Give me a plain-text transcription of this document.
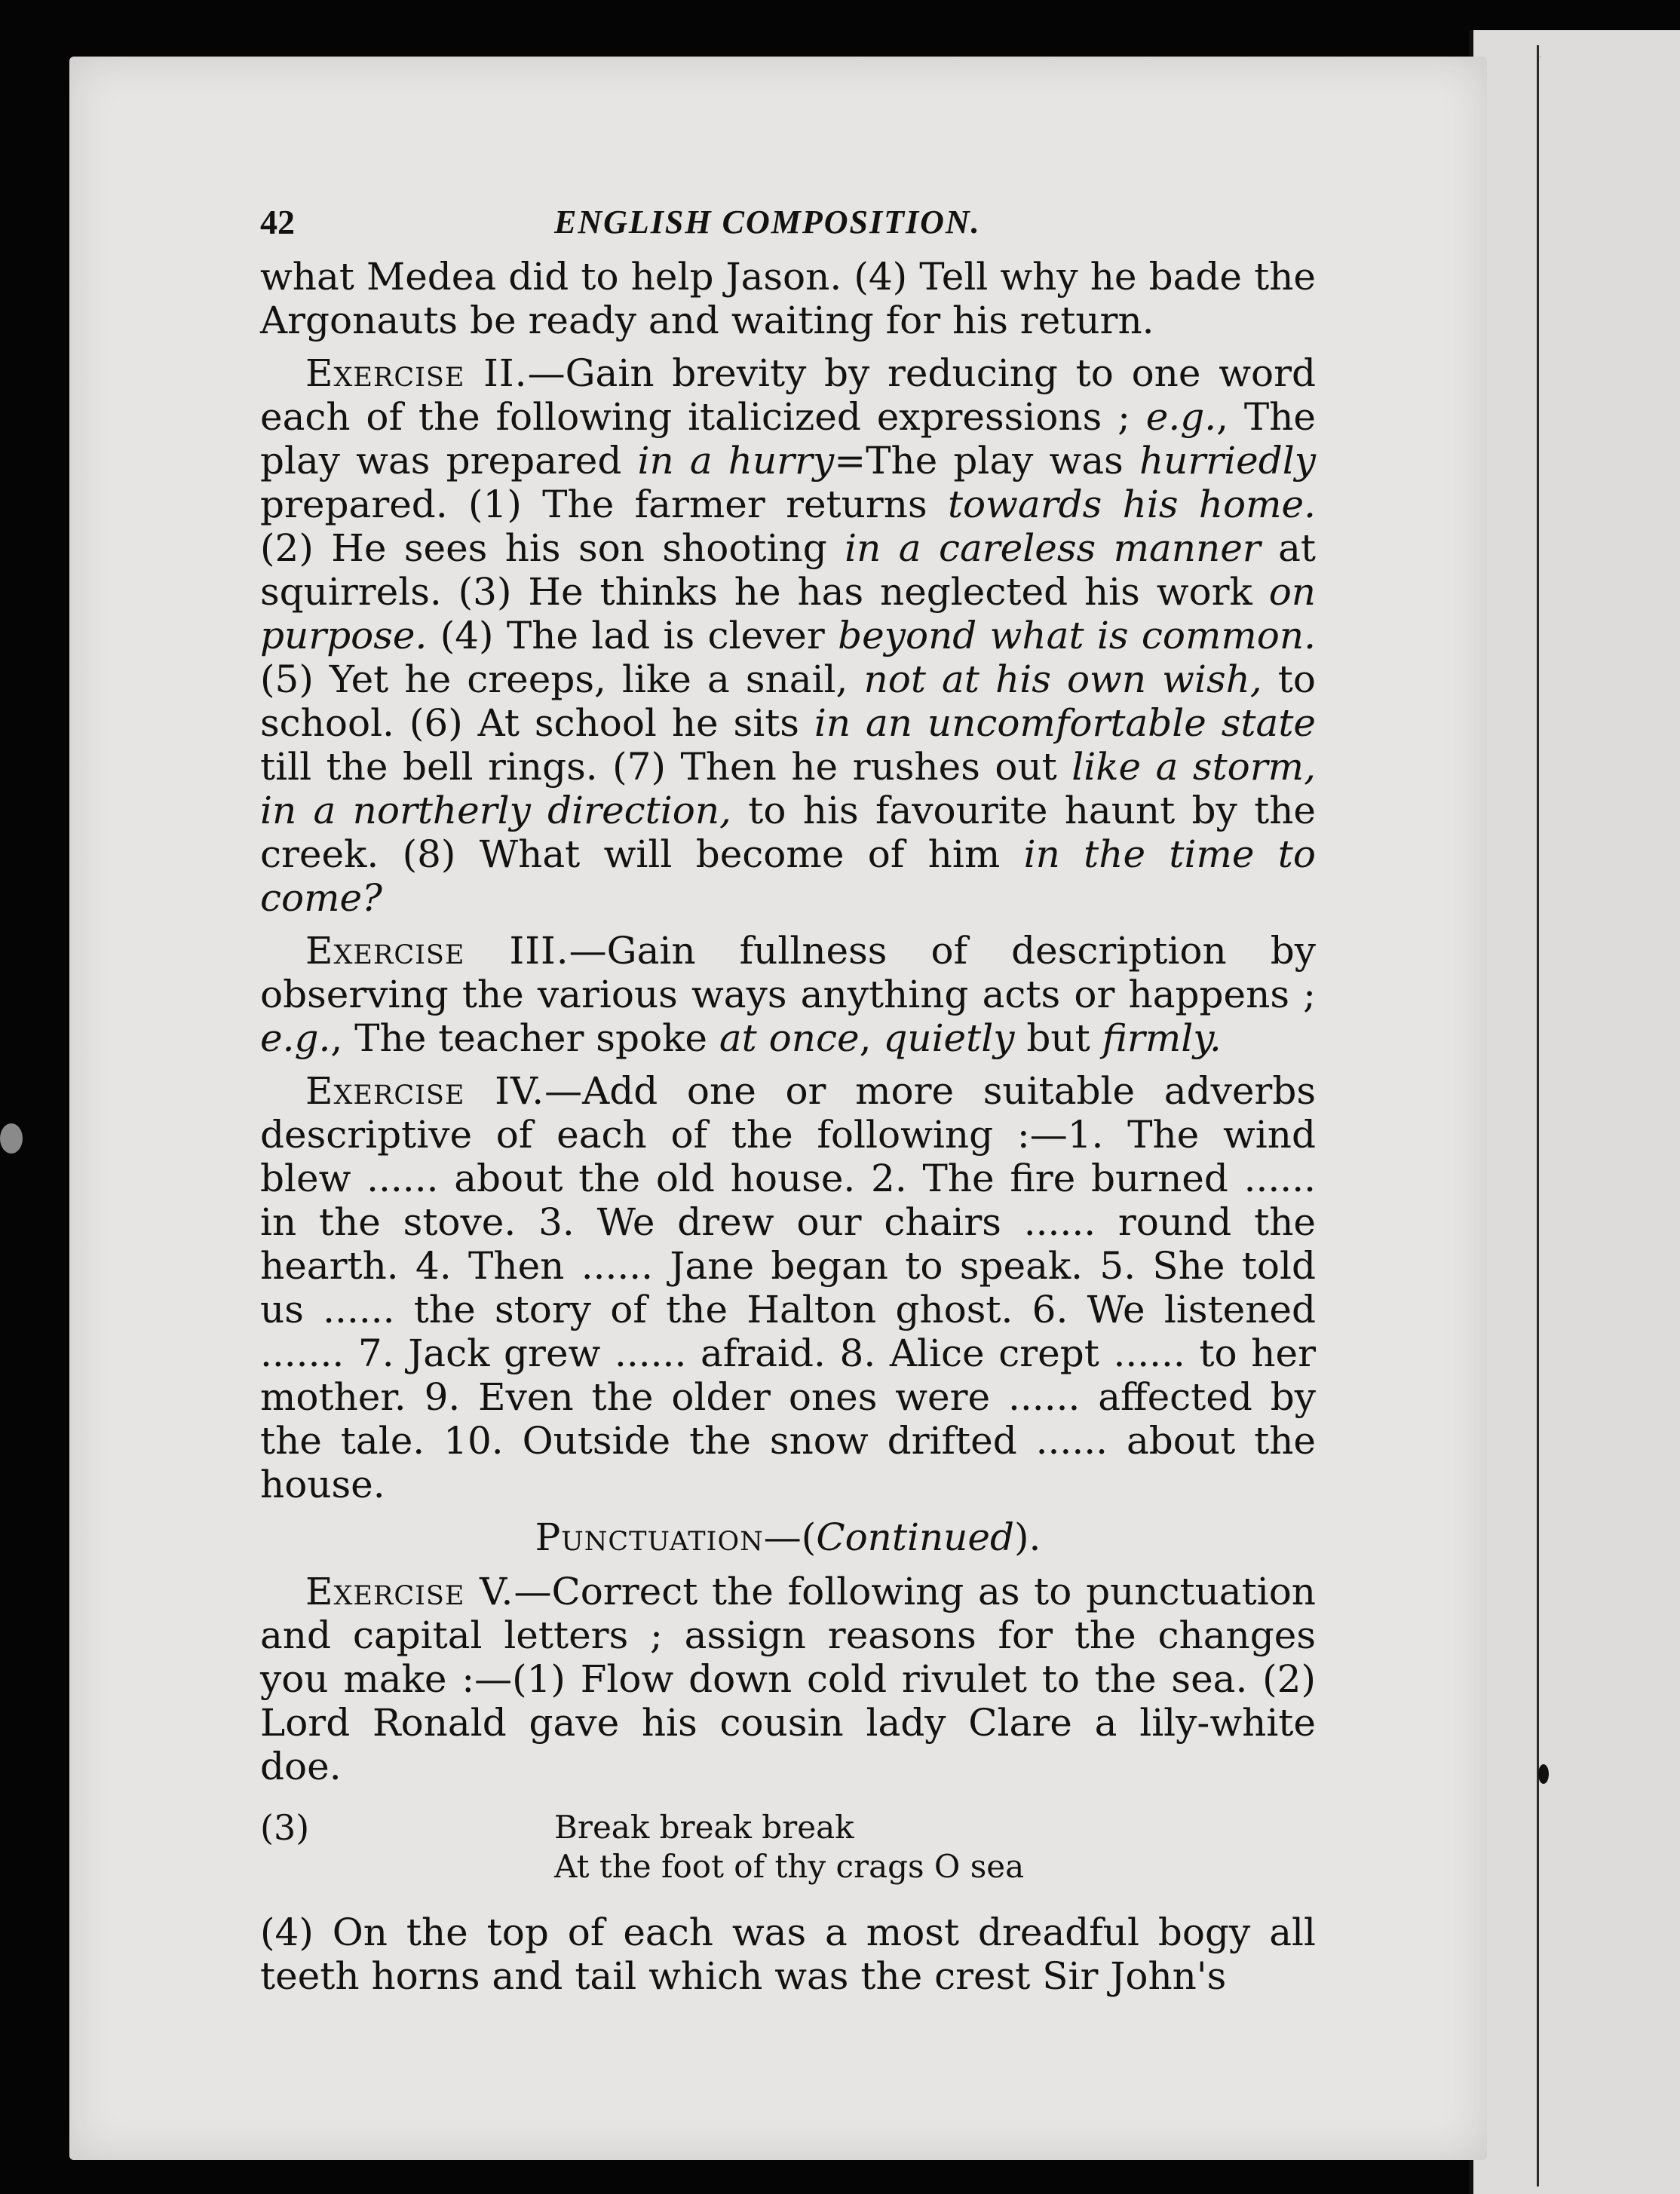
42	ENGLISH COMPOSITION.

what Medea did to help Jason. (4) Tell why he bade the Argonauts be ready and waiting for his return.

Exercise II.—Gain brevity by reducing to one word each of the following italicized expressions ; e.g., The play was prepared in a hurry=The play was hurriedly prepared. (1) The farmer returns towards his home. (2) He sees his son shooting in a careless manner at squirrels. (3) He thinks he has neglected his work on purpose. (4) The lad is clever beyond what is common. (5) Yet he creeps, like a snail, not at his own wish, to school. (6) At school he sits in an uncomfortable state till the bell rings. (7) Then he rushes out like a storm, in a northerly direction, to his favourite haunt by the creek. (8) What will become of him in the time to come?

Exercise III.—Gain fullness of description by observing the various ways anything acts or happens ; e.g., The teacher spoke at once, quietly but firmly.

Exercise IV.—Add one or more suitable adverbs descriptive of each of the following :—1. The wind blew ...... about the old house. 2. The fire burned ...... in the stove. 3. We drew our chairs ...... round the hearth. 4. Then ...... Jane began to speak. 5. She told us ...... the story of the Halton ghost. 6. We listened ....... 7. Jack grew ...... afraid. 8. Alice crept ...... to her mother. 9. Even the older ones were ...... affected by the tale. 10. Outside the snow drifted ...... about the house.

Punctuation—(Continued).

Exercise V.—Correct the following as to punctuation and capital letters ; assign reasons for the changes you make :—(1) Flow down cold rivulet to the sea. (2) Lord Ronald gave his cousin lady Clare a lily-white doe.

(3)	Break break break
At the foot of thy crags O sea

(4) On the top of each was a most dreadful bogy all teeth horns and tail which was the crest Sir John's
